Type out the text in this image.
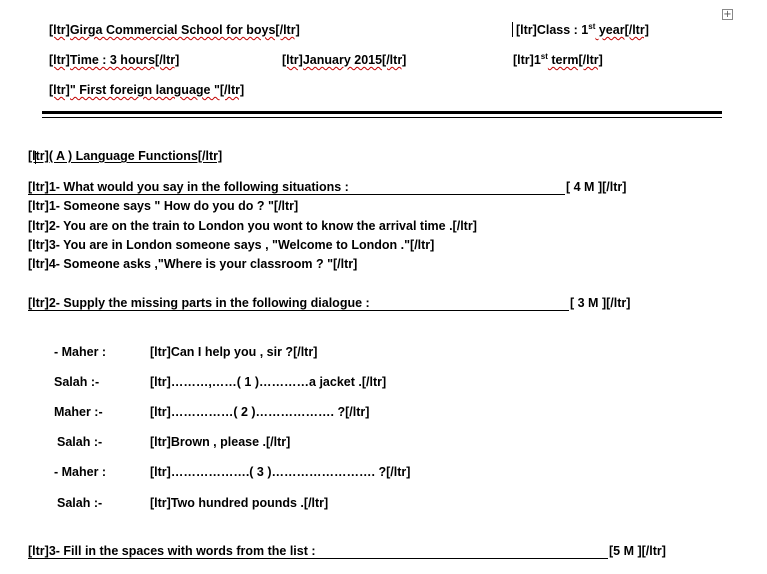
+
[ltr]Girga Commercial School for boys[/ltr]	[ltr]Class : 1st year[/ltr]
[ltr]Time : 3 hours[/ltr]	[ltr]January 2015[/ltr]	[ltr]1st term[/ltr]
[ltr]" First foreign language "[/ltr]
[ltr]( A ) Language Functions[/ltr]
[ltr]1- What would you say in the following situations :	[ 4 M ][/ltr]
[ltr]1- Someone says " How do you do ? "[/ltr]
[ltr]2- You are on the train to London you wont to know the arrival time .[/ltr]
[ltr]3- You are in London someone says , "Welcome to London ."[/ltr]
[ltr]4- Someone asks ,"Where is your classroom ? "[/ltr]
[ltr]2- Supply the missing parts in the following dialogue :	[ 3 M ][/ltr]
- Maher :	[ltr]Can I help you , sir ?[/ltr]
Salah :-	[ltr]………,……( 1 )…………a jacket .[/ltr]
Maher :-	[ltr]……………( 2 )………………. ?[/ltr]
Salah :-	[ltr]Brown , please .[/ltr]
- Maher :	[ltr]……………….( 3 )……………………. ?[/ltr]
Salah :-	[ltr]Two hundred pounds .[/ltr]
[ltr]3- Fill in the spaces with words from the list :	[5 M ][/ltr]
